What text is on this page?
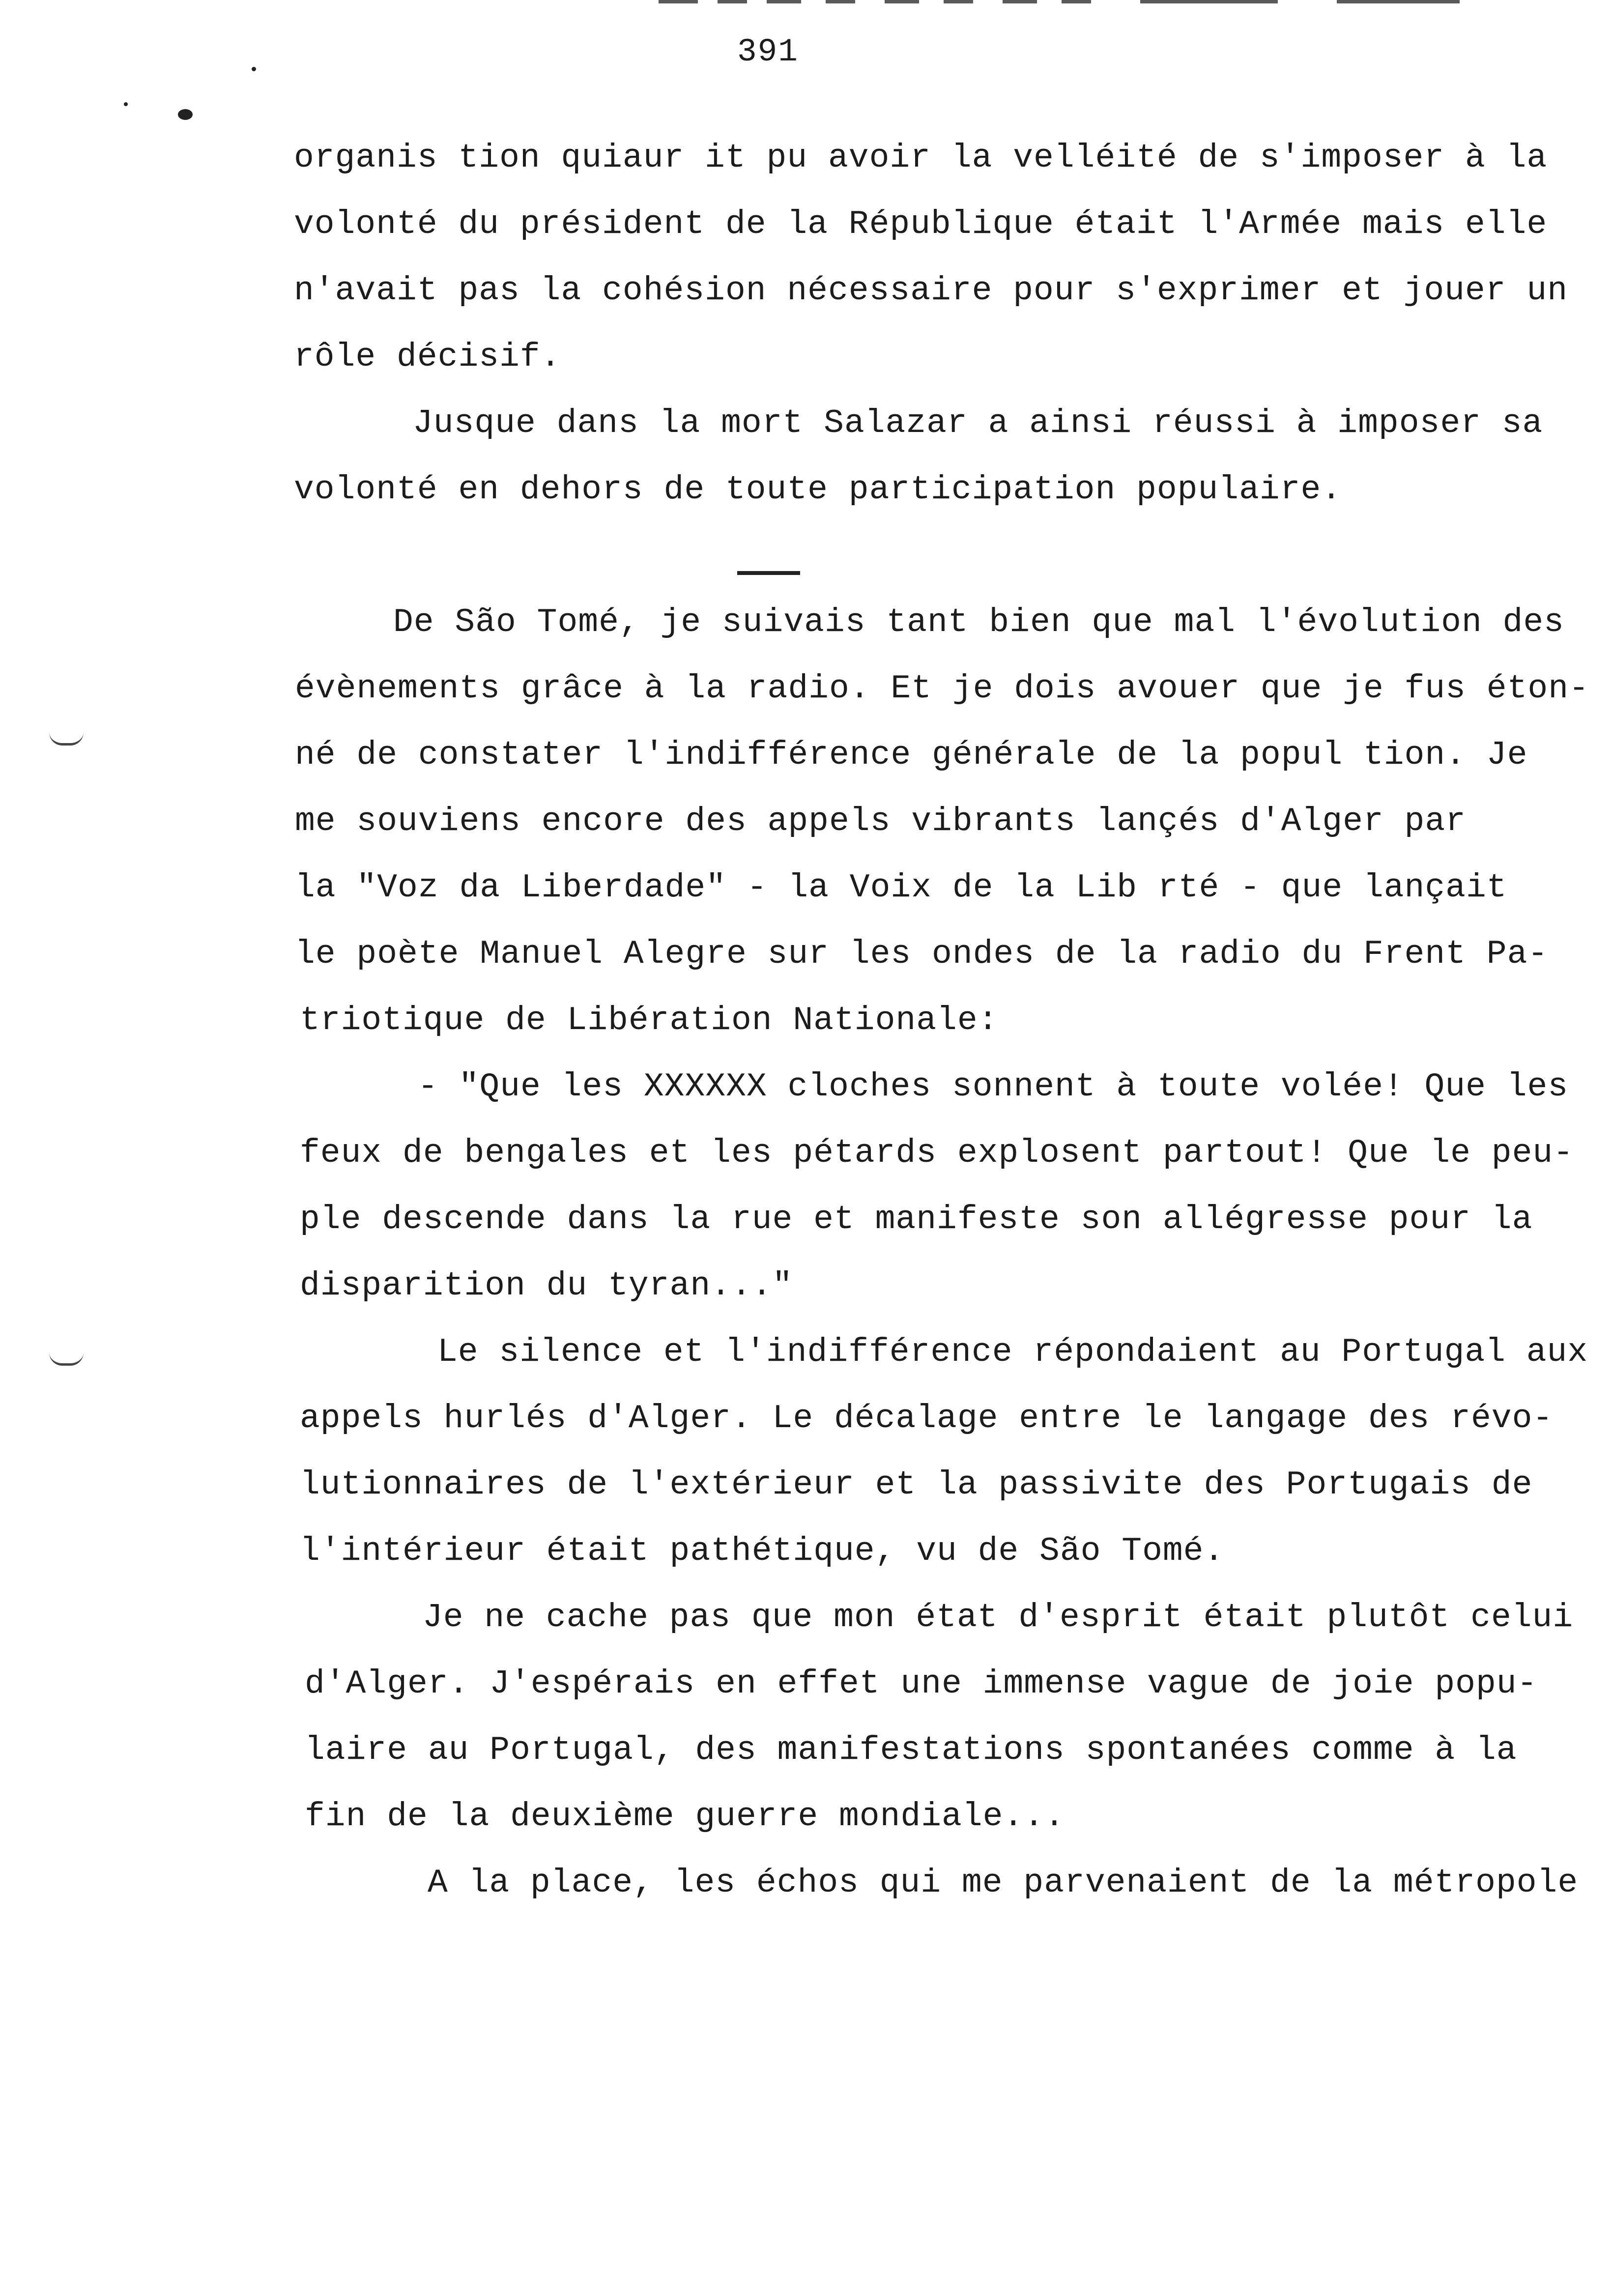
391
organis tion quiaur it pu avoir la velléité de s'imposer à la
volonté du président de la République était l'Armée mais elle
n'avait pas la cohésion nécessaire pour s'exprimer et jouer un
rôle décisif.
Jusque dans la mort Salazar a ainsi réussi à imposer sa
volonté en dehors de toute participation populaire.
De São Tomé, je suivais tant bien que mal l'évolution des
évènements grâce à la radio. Et je dois avouer que je fus éton-
né de constater l'indifférence générale de la popul tion. Je
me souviens encore des appels vibrants lançés d'Alger par
la "Voz da Liberdade" - la Voix de la Lib rté - que lançait
le poète Manuel Alegre sur les ondes de la radio du Frent Pa-
triotique de Libération Nationale:
- "Que les XXXXXX cloches sonnent à toute volée! Que les
feux de bengales et les pétards explosent partout! Que le peu-
ple descende dans la rue et manifeste son allégresse pour la
disparition du tyran..."
Le silence et l'indifférence répondaient au Portugal aux
appels hurlés d'Alger. Le décalage entre le langage des révo-
lutionnaires de l'extérieur et la passivite des Portugais de
l'intérieur était pathétique, vu de São Tomé.
Je ne cache pas que mon état d'esprit était plutôt celui
d'Alger. J'espérais en effet une immense vague de joie popu-
laire au Portugal, des manifestations spontanées comme à la
fin de la deuxième guerre mondiale...
A la place, les échos qui me parvenaient de la métropole
